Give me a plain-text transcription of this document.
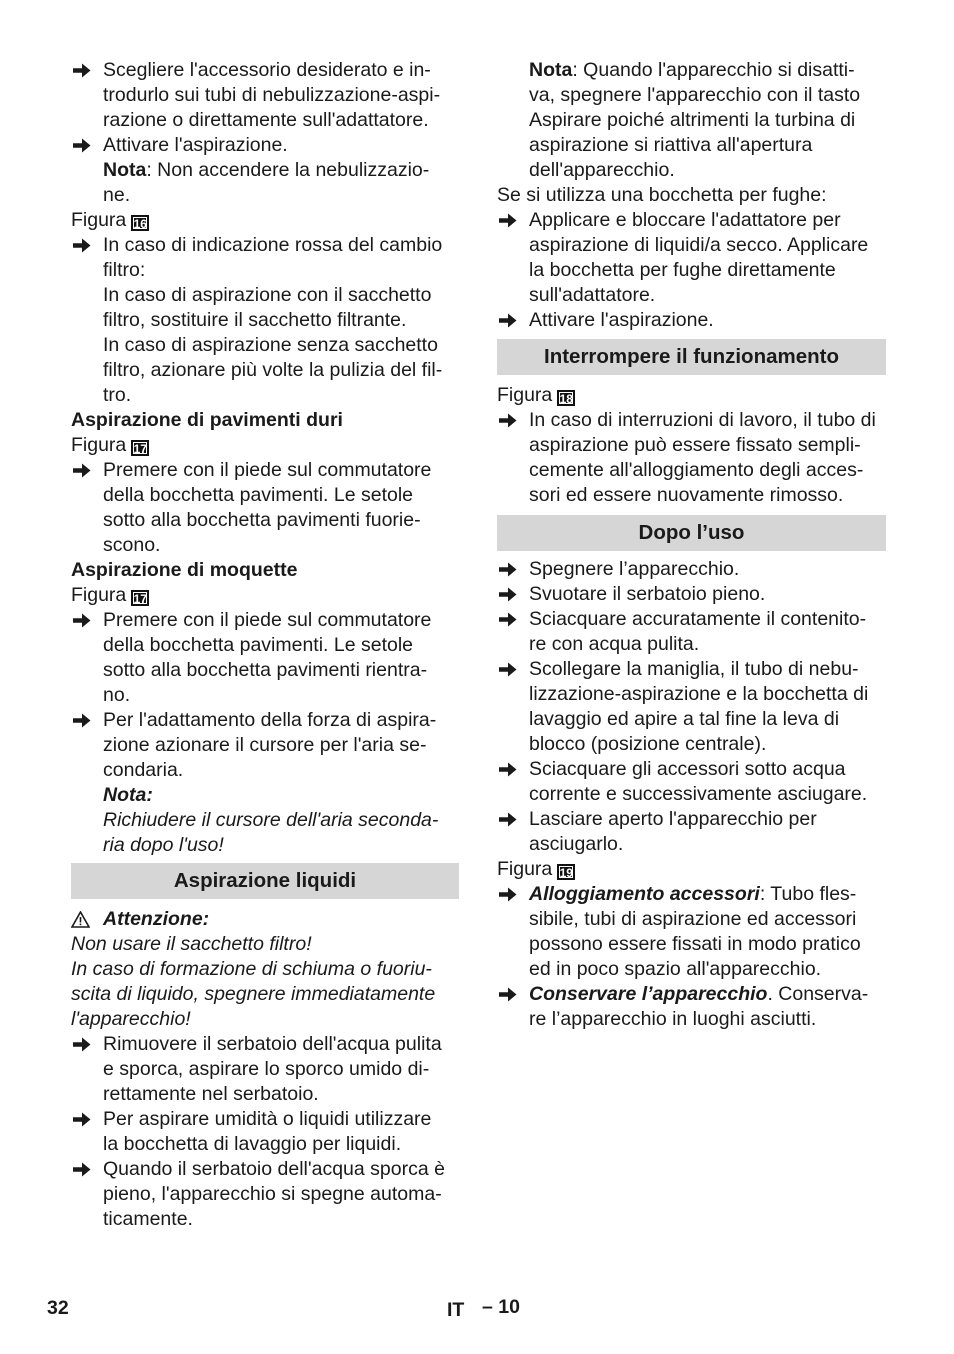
Scegliere l'accessorio desiderato e in-
trodurlo sui tubi di nebulizzazione-aspi-
razione o direttamente sull'adattatore.
Attivare l'aspirazione.
Nota: Non accendere la nebulizzazio-
ne.
Figura 16
In caso di indicazione rossa del cambio
filtro:
In caso di aspirazione con il sacchetto
filtro, sostituire il sacchetto filtrante.
In caso di aspirazione senza sacchetto
filtro, azionare più volte la pulizia del fil-
tro.
Aspirazione di pavimenti duri
Figura 17
Premere con il piede sul commutatore
della bocchetta pavimenti. Le setole
sotto alla bocchetta pavimenti fuorie-
scono.
Aspirazione di moquette
Figura 17
Premere con il piede sul commutatore
della bocchetta pavimenti. Le setole
sotto alla bocchetta pavimenti rientra-
no.
Per l'adattamento della forza di aspira-
zione azionare il cursore per l'aria se-
condaria.
Nota:
Richiudere il cursore dell'aria seconda-
ria dopo l'uso!
Aspirazione liquidi
Attenzione:
Non usare il sacchetto filtro!
In caso di formazione di schiuma o fuoriu-
scita di liquido, spegnere immediatamente
l'apparecchio!
Rimuovere il serbatoio dell'acqua pulita
e sporca, aspirare lo sporco umido di-
rettamente nel serbatoio.
Per aspirare umidità o liquidi utilizzare
la bocchetta di lavaggio per liquidi.
Quando il serbatoio dell'acqua sporca è
pieno, l'apparecchio si spegne automa-
ticamente.
Nota: Quando l'apparecchio si disatti-
va, spegnere l'apparecchio con il tasto
Aspirare poiché altrimenti la turbina di
aspirazione si riattiva all'apertura
dell'apparecchio.
Se si utilizza una bocchetta per fughe:
Applicare e bloccare l'adattatore per
aspirazione di liquidi/a secco. Applicare
la bocchetta per fughe direttamente
sull'adattatore.
Attivare l'aspirazione.
Interrompere il funzionamento
Figura 18
In caso di interruzioni di lavoro, il tubo di
aspirazione può essere fissato sempli-
cemente all'alloggiamento degli acces-
sori ed essere nuovamente rimosso.
Dopo l’uso
Spegnere l’apparecchio.
Svuotare il serbatoio pieno.
Sciacquare accuratamente il contenito-
re con acqua pulita.
Scollegare la maniglia, il tubo di nebu-
lizzazione-aspirazione e la bocchetta di
lavaggio ed apire a tal fine la leva di
blocco (posizione centrale).
Sciacquare gli accessori sotto acqua
corrente e successivamente asciugare.
Lasciare aperto l'apparecchio per
asciugarlo.
Figura 19
Alloggiamento accessori: Tubo fles-
sibile, tubi di aspirazione ed accessori
possono essere fissati in modo pratico
ed in poco spazio all'apparecchio.
Conservare l’apparecchio. Conserva-
re l’apparecchio in luoghi asciutti.
32	IT – 10
